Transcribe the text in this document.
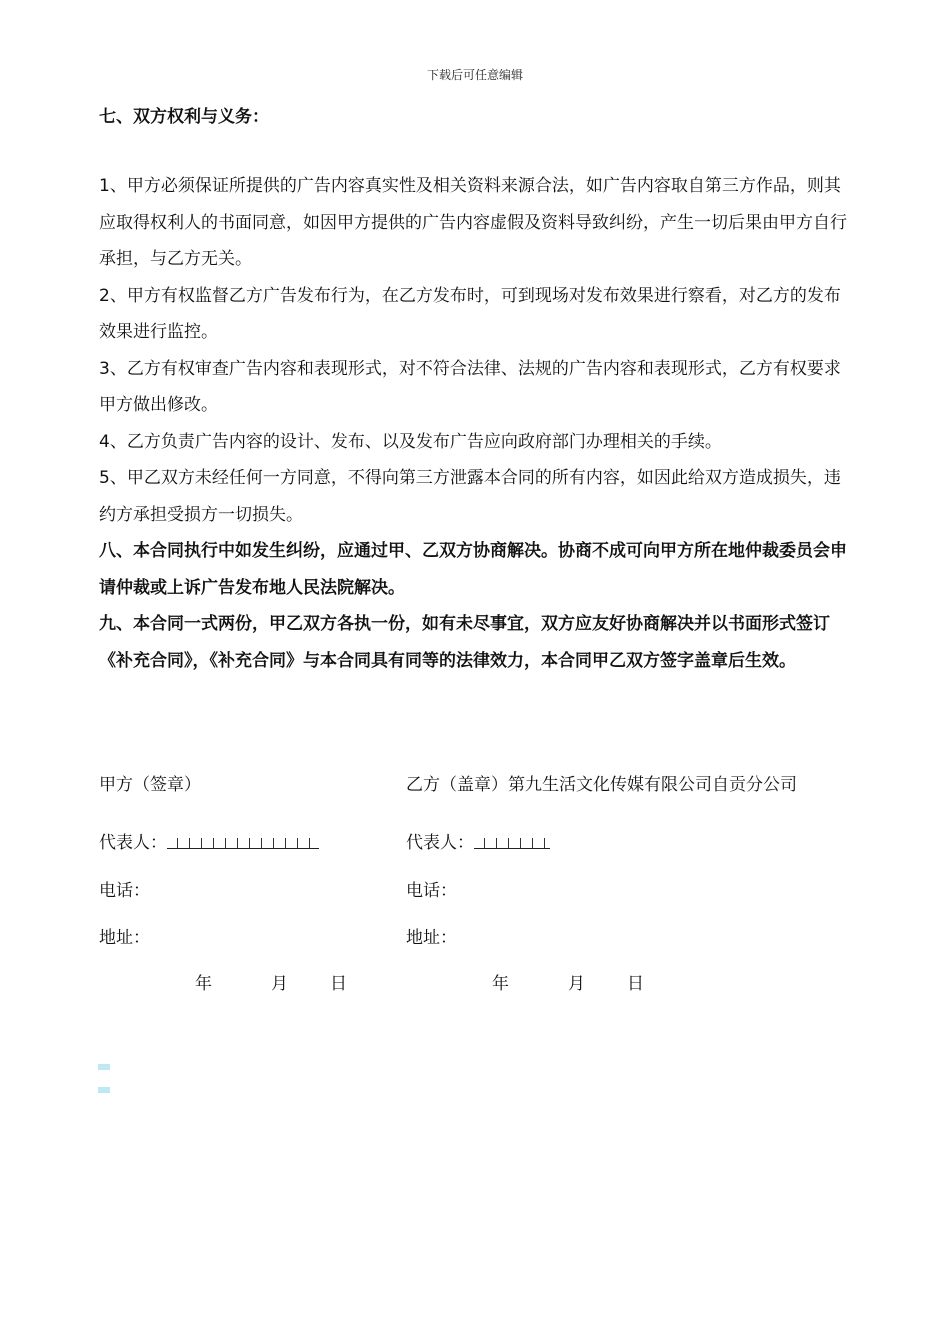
下载后可任意编辑
七、双方权利与义务：

1、甲方必须保证所提供的广告内容真实性及相关资料来源合法，如广告内容取自第三方作品，则其应取得权利人的书面同意，如因甲方提供的广告内容虚假及资料导致纠纷，产生一切后果由甲方自行承担，与乙方无关。

2、甲方有权监督乙方广告发布行为，在乙方发布时，可到现场对发布效果进行察看，对乙方的发布效果进行监控。

3、乙方有权审查广告内容和表现形式，对不符合法律、法规的广告内容和表现形式，乙方有权要求甲方做出修改。

4、乙方负责广告内容的设计、发布、以及发布广告应向政府部门办理相关的手续。

5、甲乙双方未经任何一方同意，不得向第三方泄露本合同的所有内容，如因此给双方造成损失，违约方承担受损方一切损失。

八、本合同执行中如发生纠纷，应通过甲、乙双方协商解决。协商不成可向甲方所在地仲裁委员会申请仲裁或上诉广告发布地人民法院解决。

九、本合同一式两份，甲乙双方各执一份，如有未尽事宜，双方应友好协商解决并以书面形式签订《补充合同》，《补充合同》与本合同具有同等的法律效力，本合同甲乙双方签字盖章后生效。

甲方（签章）
代表人：
电话：
地址：
乙方（盖章）第九生活文化传媒有限公司自贡分公司
代表人：
电话：
地址：
年	月 日	年	月 日
